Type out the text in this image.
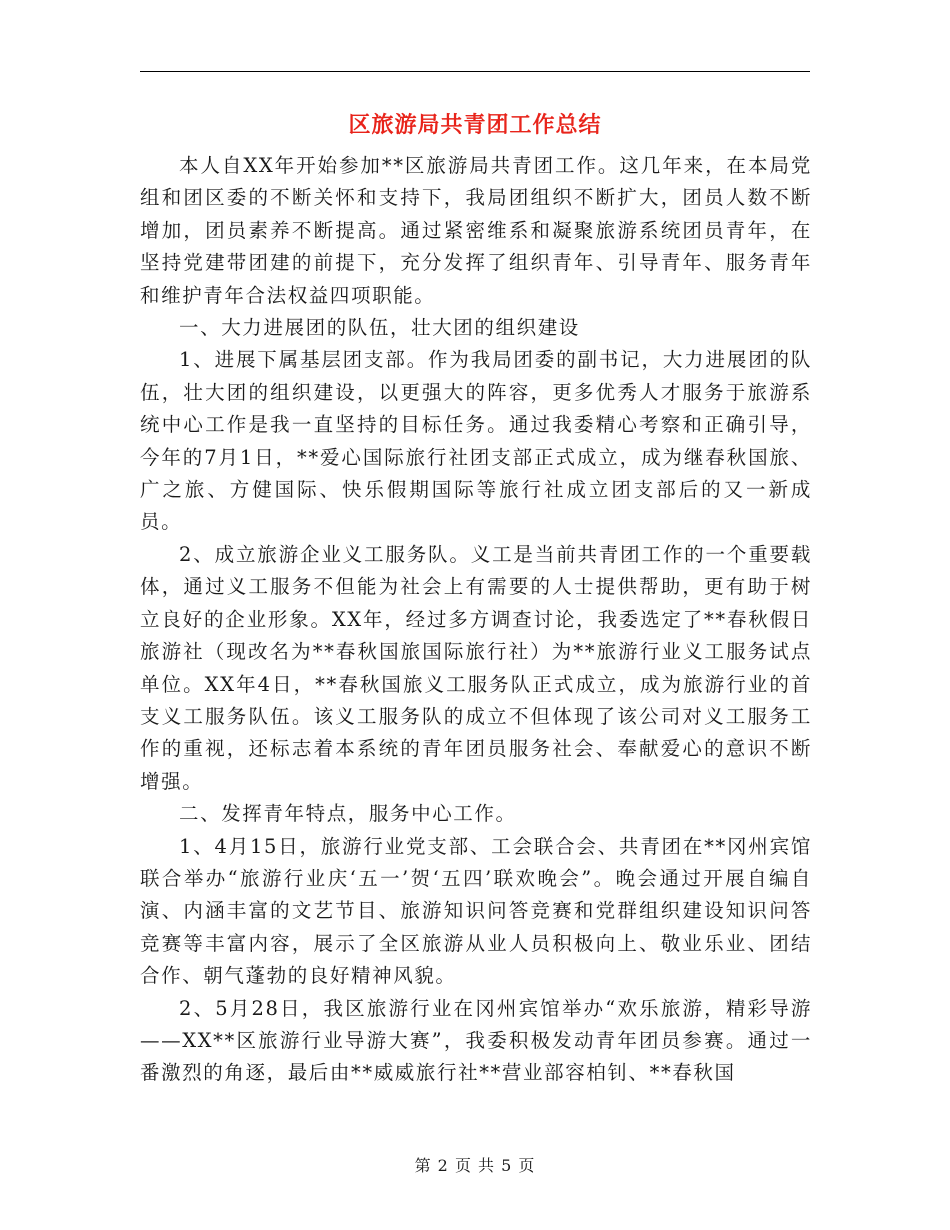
区旅游局共青团工作总结

本人自XX年开始参加**区旅游局共青团工作。这几年来，在本局党组和团区委的不断关怀和支持下，我局团组织不断扩大，团员人数不断增加，团员素养不断提高。通过紧密维系和凝聚旅游系统团员青年，在坚持党建带团建的前提下，充分发挥了组织青年、引导青年、服务青年和维护青年合法权益四项职能。

一、大力进展团的队伍，壮大团的组织建设

1、进展下属基层团支部。作为我局团委的副书记，大力进展团的队伍，壮大团的组织建设，以更强大的阵容，更多优秀人才服务于旅游系统中心工作是我一直坚持的目标任务。通过我委精心考察和正确引导，今年的7月1日，**爱心国际旅行社团支部正式成立，成为继春秋国旅、广之旅、方健国际、快乐假期国际等旅行社成立团支部后的又一新成员。

2、成立旅游企业义工服务队。义工是当前共青团工作的一个重要载体，通过义工服务不但能为社会上有需要的人士提供帮助，更有助于树立良好的企业形象。XX年，经过多方调查讨论，我委选定了**春秋假日旅游社（现改名为**春秋国旅国际旅行社）为**旅游行业义工服务试点单位。XX年4日，**春秋国旅义工服务队正式成立，成为旅游行业的首支义工服务队伍。该义工服务队的成立不但体现了该公司对义工服务工作的重视，还标志着本系统的青年团员服务社会、奉献爱心的意识不断增强。

二、发挥青年特点，服务中心工作。

1、4月15日，旅游行业党支部、工会联合会、共青团在**冈州宾馆联合举办“旅游行业庆‘五一’贺‘五四’联欢晚会”。晚会通过开展自编自演、内涵丰富的文艺节目、旅游知识问答竞赛和党群组织建设知识问答竞赛等丰富内容，展示了全区旅游从业人员积极向上、敬业乐业、团结合作、朝气蓬勃的良好精神风貌。

2、5月28日，我区旅游行业在冈州宾馆举办“欢乐旅游，精彩导游——XX**区旅游行业导游大赛”，我委积极发动青年团员参赛。通过一番激烈的角逐，最后由**威威旅行社**营业部容柏钊、**春秋国

第 2 页 共 5 页
